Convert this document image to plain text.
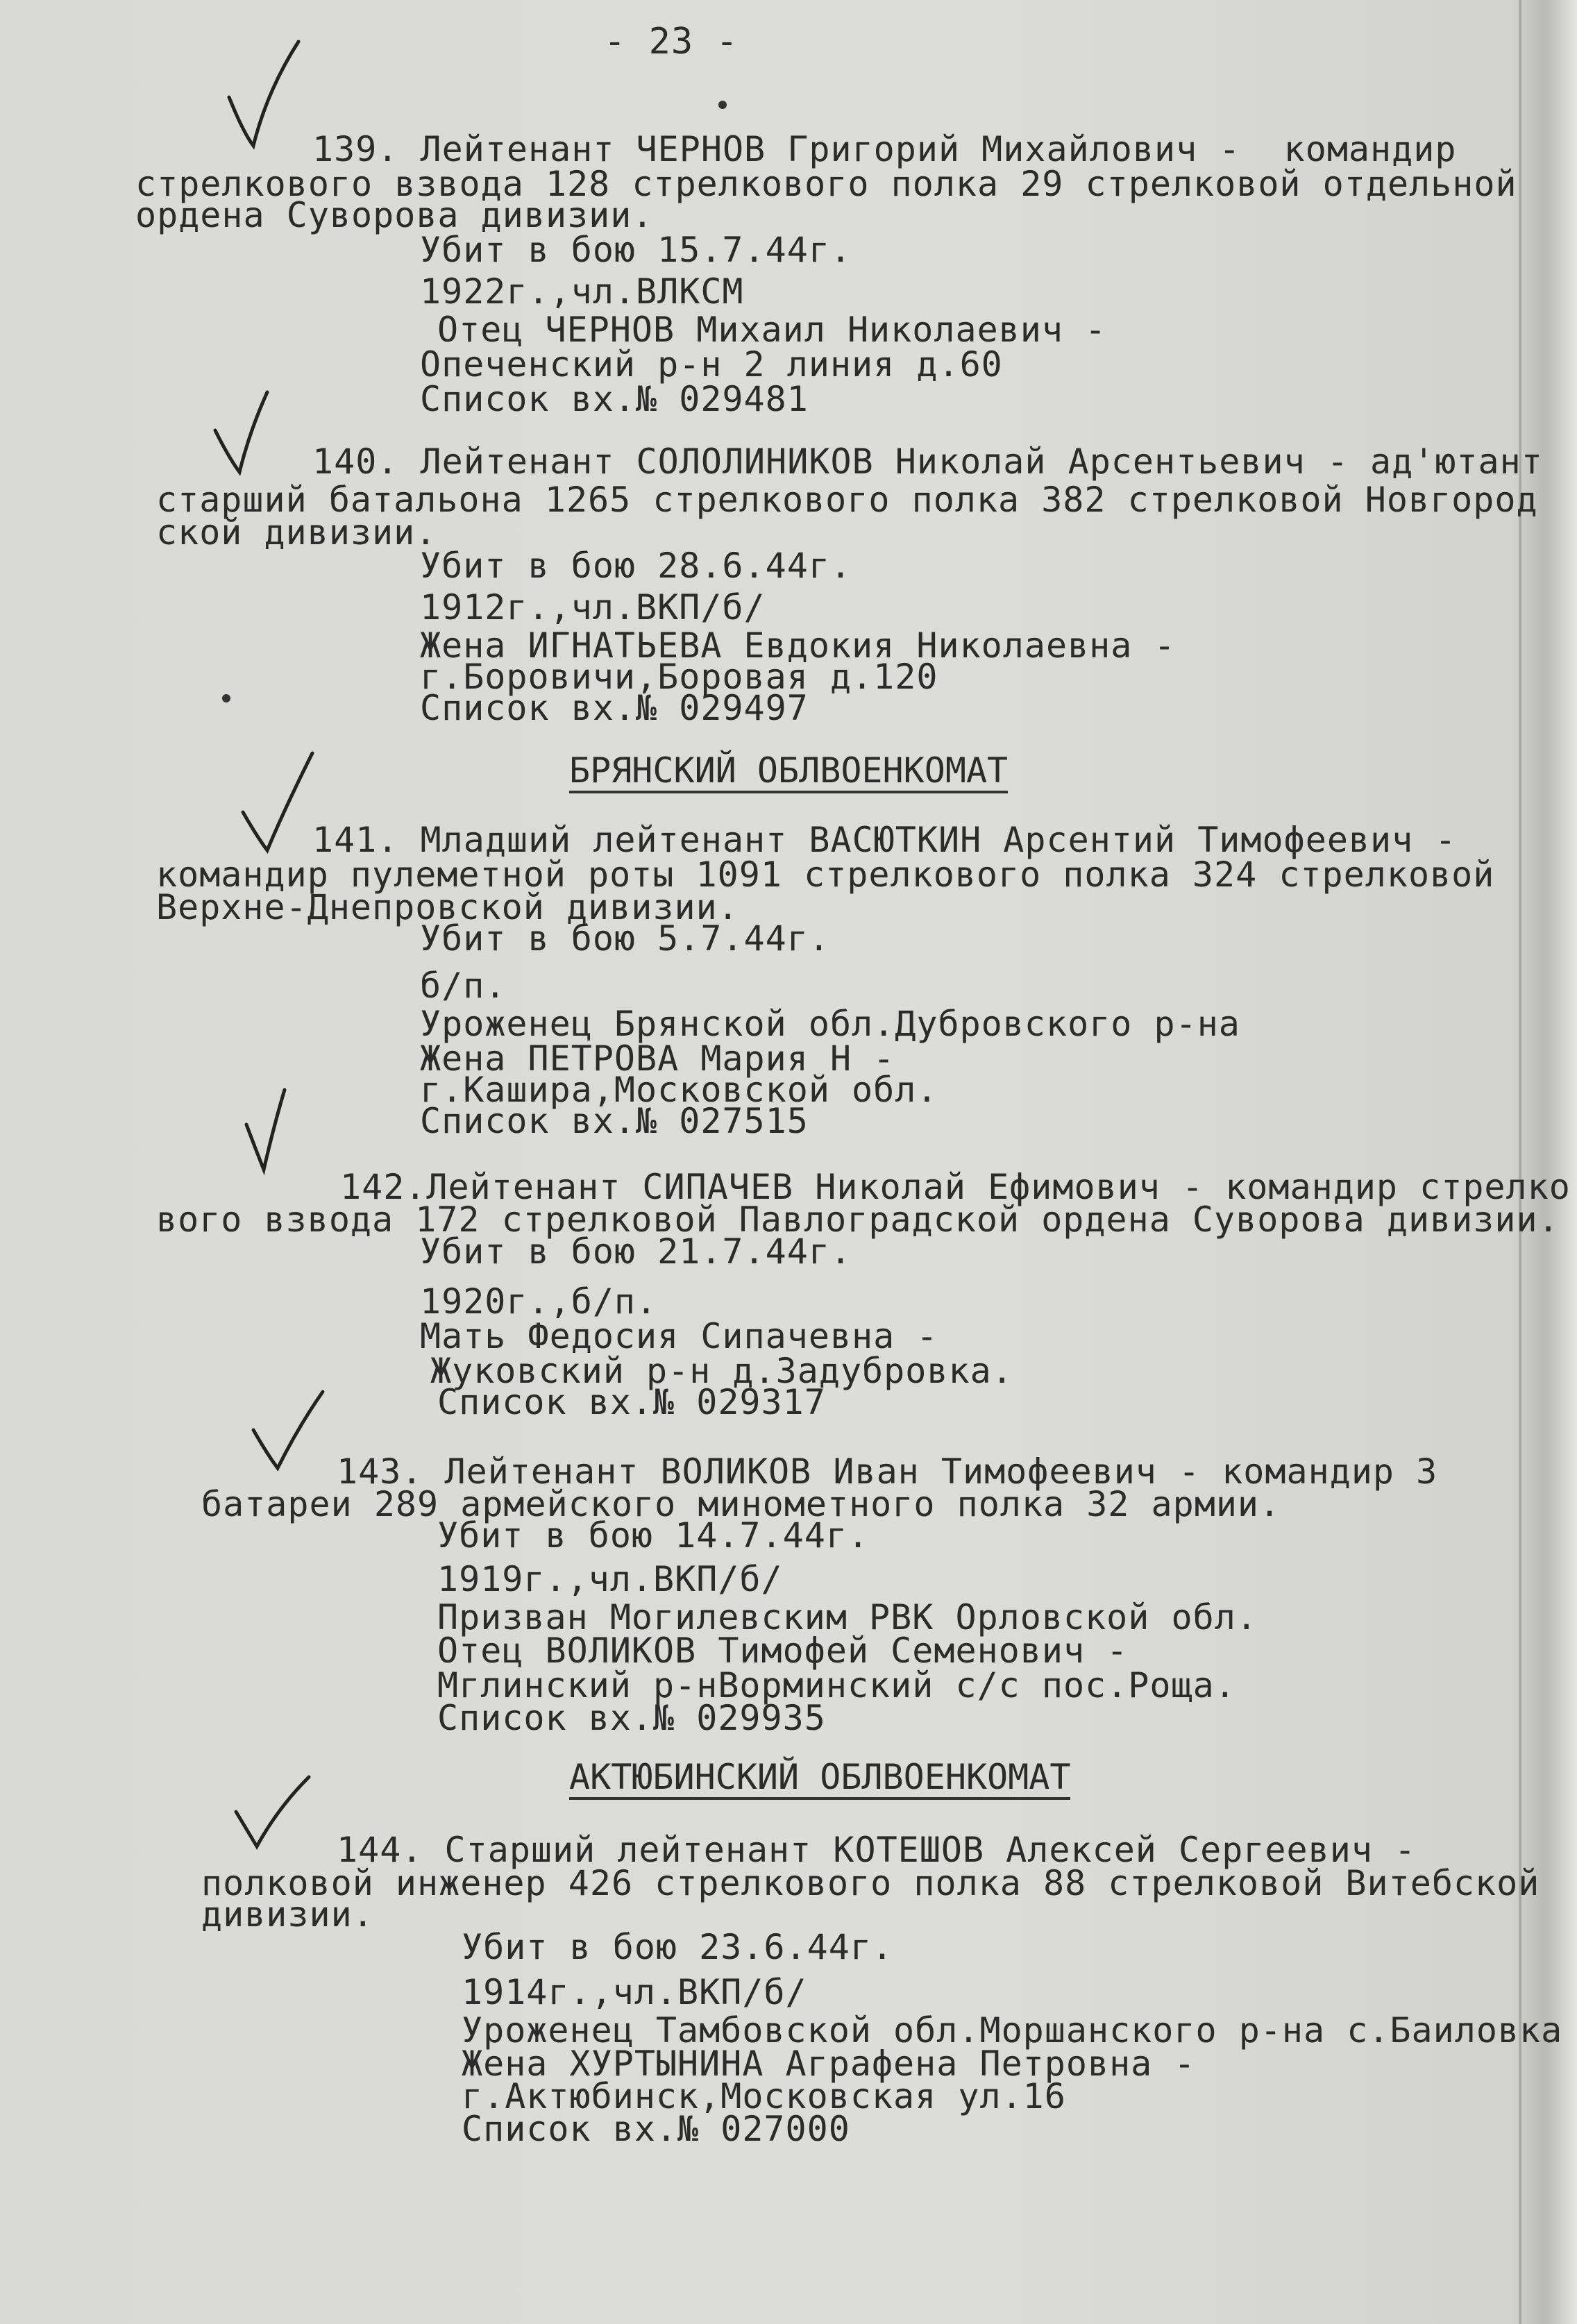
- 23 -
139. Лейтенант ЧЕРНОВ Григорий Михайлович -  командир
стрелкового взвода 128 стрелкового полка 29 стрелковой отдельной
ордена Суворова дивизии.
Убит в бою 15.7.44г.
1922г.,чл.ВЛКСМ
Отец ЧЕРНОВ Михаил Николаевич -
Опеченский р-н 2 линия д.60
Список вх.№ 029481
140. Лейтенант СОЛОЛИНИКОВ Николай Арсентьевич - ад'ютант
старший батальона 1265 стрелкового полка 382 стрелковой Новгород
ской дивизии.
Убит в бою 28.6.44г.
1912г.,чл.ВКП/б/
Жена ИГНАТЬЕВА Евдокия Николаевна -
г.Боровичи,Боровая д.120
Список вх.№ 029497
БРЯНСКИЙ ОБЛВОЕНКОМАТ
141. Младший лейтенант ВАСЮТКИН Арсентий Тимофеевич -
командир пулеметной роты 1091 стрелкового полка 324 стрелковой
Верхне-Днепровской дивизии.
Убит в бою 5.7.44г.
б/п.
Уроженец Брянской обл.Дубровского р-на
Жена ПЕТРОВА Мария Н -
г.Кашира,Московской обл.
Список вх.№ 027515
142.Лейтенант СИПАЧЕВ Николай Ефимович - командир стрелко
вого взвода 172 стрелковой Павлоградской ордена Суворова дивизии.
Убит в бою 21.7.44г.
1920г.,б/п.
Мать Федосия Сипачевна -
Жуковский р-н д.Задубровка.
Список вх.№ 029317
143. Лейтенант ВОЛИКОВ Иван Тимофеевич - командир 3
батареи 289 армейского минометного полка 32 армии.
Убит в бою 14.7.44г.
1919г.,чл.ВКП/б/
Призван Могилевским РВК Орловской обл.
Отец ВОЛИКОВ Тимофей Семенович -
Мглинский р-нВорминский с/с пос.Роща.
Список вх.№ 029935
АКТЮБИНСКИЙ ОБЛВОЕНКОМАТ
144. Старший лейтенант КОТЕШОВ Алексей Сергеевич -
полковой инженер 426 стрелкового полка 88 стрелковой Витебской
дивизии.
Убит в бою 23.6.44г.
1914г.,чл.ВКП/б/
Уроженец Тамбовской обл.Моршанского р-на с.Баиловка
Жена ХУРТЫНИНА Аграфена Петровна -
г.Актюбинск,Московская ул.16
Список вх.№ 027000
